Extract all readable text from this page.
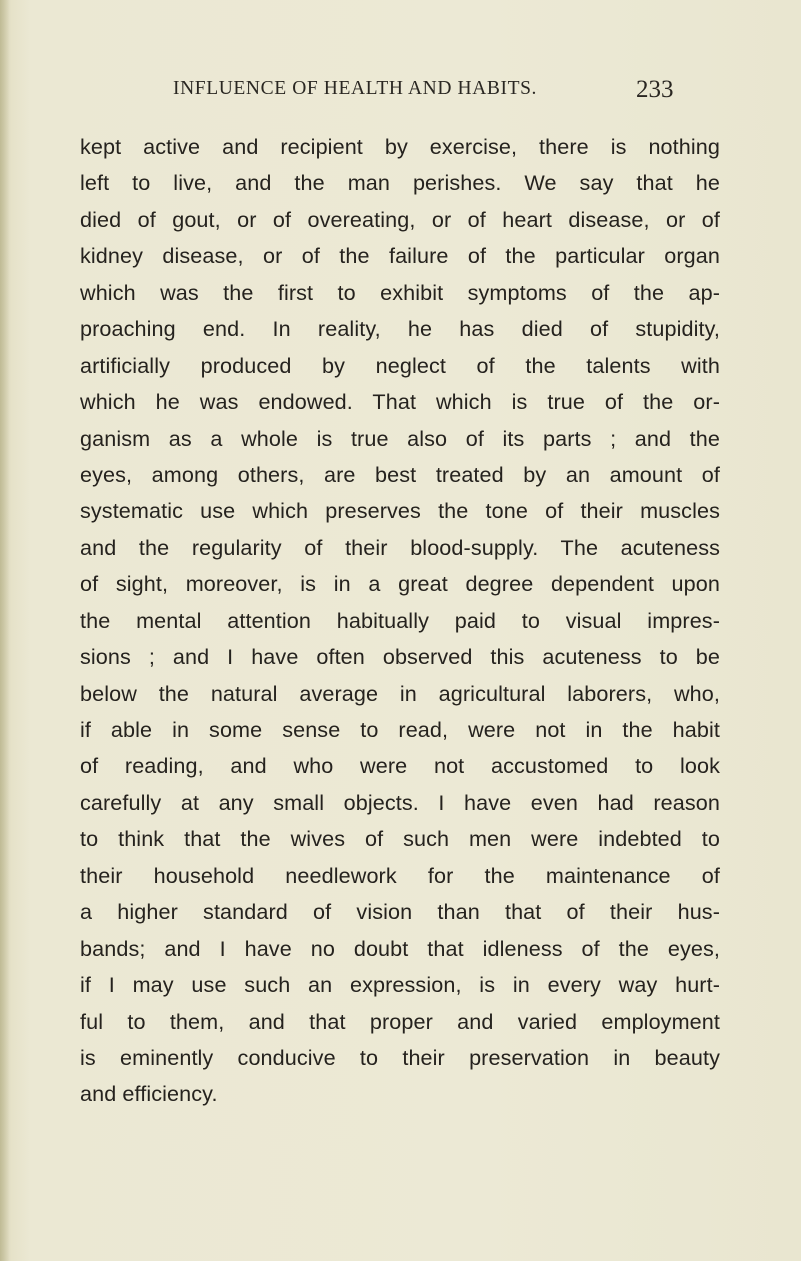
INFLUENCE OF HEALTH AND HABITS.	233
kept active and recipient by exercise, there is nothing
left to live, and the man perishes. We say that he
died of gout, or of overeating, or of heart disease, or of
kidney disease, or of the failure of the particular organ
which was the first to exhibit symptoms of the ap-
proaching end. In reality, he has died of stupidity,
artificially produced by neglect of the talents with
which he was endowed. That which is true of the or-
ganism as a whole is true also of its parts ; and the
eyes, among others, are best treated by an amount of
systematic use which preserves the tone of their muscles
and the regularity of their blood-supply. The acuteness
of sight, moreover, is in a great degree dependent upon
the mental attention habitually paid to visual impres-
sions ; and I have often observed this acuteness to be
below the natural average in agricultural laborers, who,
if able in some sense to read, were not in the habit
of reading, and who were not accustomed to look
carefully at any small objects. I have even had reason
to think that the wives of such men were indebted to
their household needlework for the maintenance of
a higher standard of vision than that of their hus-
bands; and I have no doubt that idleness of the eyes,
if I may use such an expression, is in every way hurt-
ful to them, and that proper and varied employment
is eminently conducive to their preservation in beauty
and efficiency.
